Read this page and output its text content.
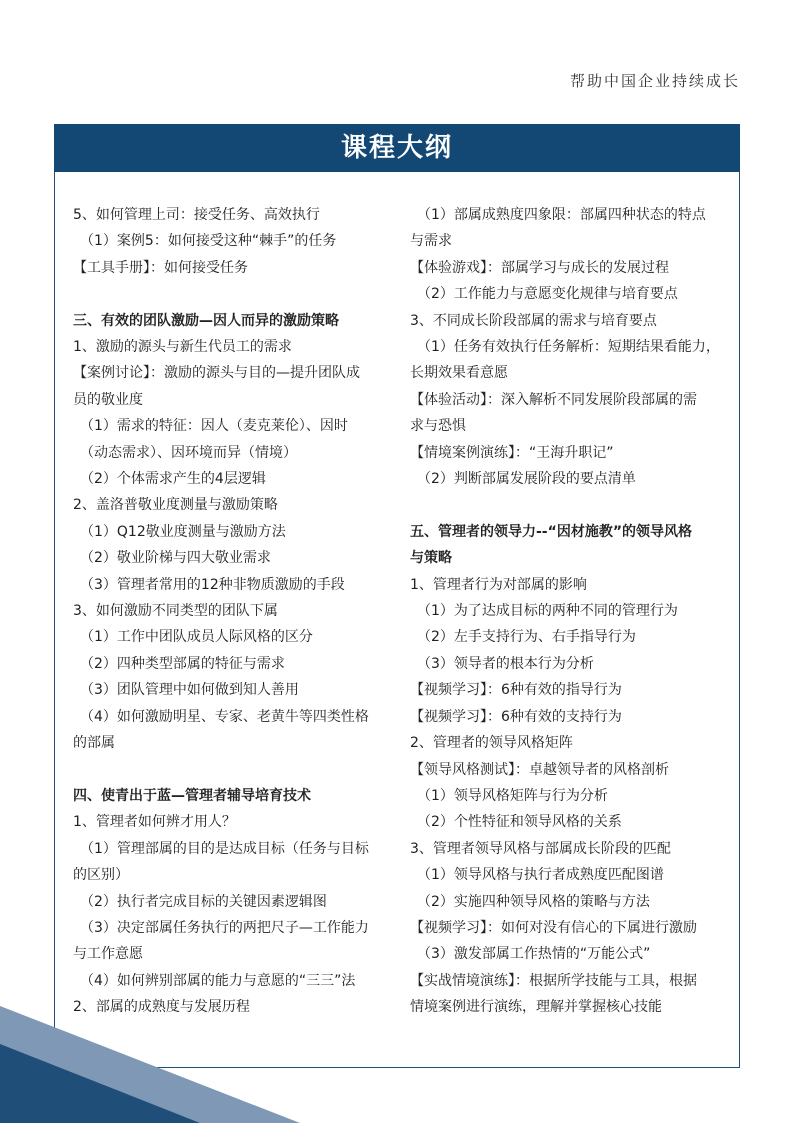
帮助中国企业持续成长
课程大纲
5、如何管理上司：接受任务、高效执行
（1）案例5：如何接受这种“棘手”的任务
【工具手册】：如何接受任务
三、有效的团队激励—因人而异的激励策略
1、激励的源头与新生代员工的需求
【案例讨论】：激励的源头与目的—提升团队成
员的敬业度
（1）需求的特征：因人（麦克莱伦）、因时
（动态需求）、因环境而异（情境）
（2）个体需求产生的4层逻辑
2、盖洛普敬业度测量与激励策略
（1）Q12敬业度测量与激励方法
（2）敬业阶梯与四大敬业需求
（3）管理者常用的12种非物质激励的手段
3、如何激励不同类型的团队下属
（1）工作中团队成员人际风格的区分
（2）四种类型部属的特征与需求
（3）团队管理中如何做到知人善用
（4）如何激励明星、专家、老黄牛等四类性格
的部属
四、使青出于蓝—管理者辅导培育技术
1、管理者如何辨才用人？
（1）管理部属的目的是达成目标（任务与目标
的区别）
（2）执行者完成目标的关键因素逻辑图
（3）决定部属任务执行的两把尺子—工作能力
与工作意愿
（4）如何辨别部属的能力与意愿的“三三”法
2、部属的成熟度与发展历程
（1）部属成熟度四象限：部属四种状态的特点
与需求
【体验游戏】：部属学习与成长的发展过程
（2）工作能力与意愿变化规律与培育要点
3、不同成长阶段部属的需求与培育要点
（1）任务有效执行任务解析：短期结果看能力，
长期效果看意愿
【体验活动】：深入解析不同发展阶段部属的需
求与恐惧
【情境案例演练】：“王海升职记”
（2）判断部属发展阶段的要点清单
五、管理者的领导力--“因材施教”的领导风格
与策略
1、管理者行为对部属的影响
（1）为了达成目标的两种不同的管理行为
（2）左手支持行为、右手指导行为
（3）领导者的根本行为分析
【视频学习】：6种有效的指导行为
【视频学习】：6种有效的支持行为
2、管理者的领导风格矩阵
【领导风格测试】：卓越领导者的风格剖析
（1）领导风格矩阵与行为分析
（2）个性特征和领导风格的关系
3、管理者领导风格与部属成长阶段的匹配
（1）领导风格与执行者成熟度匹配图谱
（2）实施四种领导风格的策略与方法
【视频学习】：如何对没有信心的下属进行激励
（3）激发部属工作热情的“万能公式”
【实战情境演练】：根据所学技能与工具，根据
情境案例进行演练，理解并掌握核心技能
